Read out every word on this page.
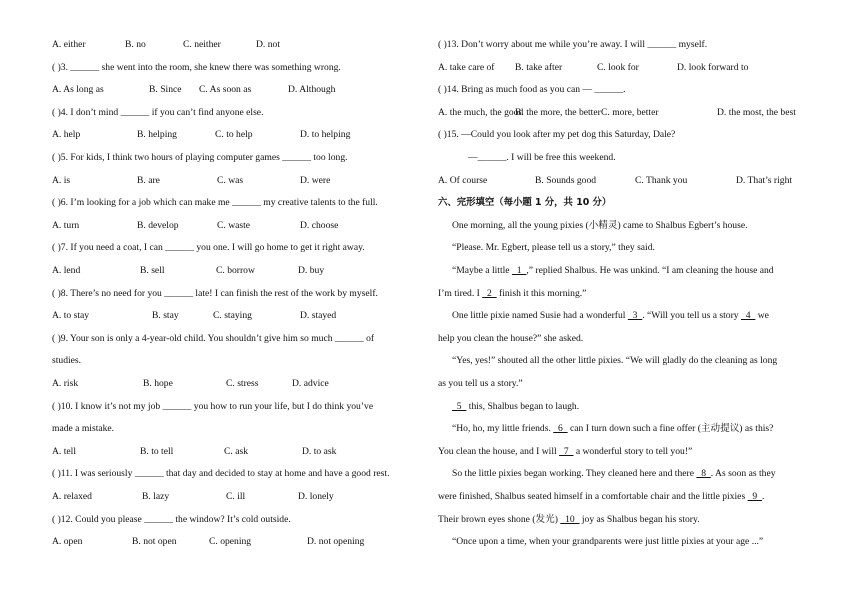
A. either	B. no	C. neither	D. not
( )3. ______ she went into the room, she knew there was something wrong.
A. As long as	B. Since C. As soon as	D. Although
( )4. I don’t mind ______ if you can’t find anyone else.
A. help	B. helping	C. to help	D. to helping
( )5. For kids, I think two hours of playing computer games ______ too long.
A. is	B. are	C. was	D. were
( )6. I’m looking for a job which can make me ______ my creative talents to the full.
A. turn	B. develop	C. waste	D. choose
( )7. If you need a coat, I can ______ you one. I will go home to get it right away.
A. lend	B. sell	C. borrow	D. buy
( )8. There’s no need for you ______ late! I can finish the rest of the work by myself.
A. to stay	B. stay	C. staying	D. stayed
( )9. Your son is only a 4-year-old child. You shouldn’t give him so much ______ of
studies.
A. risk	B. hope	C. stress	D. advice
( )10. I know it’s not my job ______ you how to run your life, but I do think you’ve
made a mistake.
A. tell	B. to tell	C. ask	D. to ask
( )11. I was seriously ______ that day and decided to stay at home and have a good rest.
A. relaxed	B. lazy	C. ill	D. lonely
( )12. Could you please ______ the window? It’s cold outside.
A. open	B. not open	C. opening	D. not opening
( )13. Don’t worry about me while you’re away. I will ______ myself.
A. take care of B. take after	C. look for	D. look forward to
( )14. Bring as much food as you can — ______.
A. the much, the good
B. the more, the better C. more, better	D. the most, the best
( )15. —Could you look after my pet dog this Saturday, Dale?
—______. I will be free this weekend.
A. Of course	B. Sounds good	C. Thank you	D. That’s right
六、完形填空（每小题 1 分，共 10 分）
One morning, all the young pixies (小精灵) came to Shalbus Egbert’s house.
“Please. Mr. Egbert, please tell us a story,” they said.
“Maybe a little   1  ,” replied Shalbus. He was unkind. “I am cleaning the house and
I’m tired. I   2   finish it this morning.”
One little pixie named Susie had a wonderful   3  . “Will you tell us a story   4   we
help you clean the house?” she asked.
“Yes, yes!” shouted all the other little pixies. “We will gladly do the cleaning as long
as you tell us a story.”
5   this, Shalbus began to laugh.
“Ho, ho, my little friends.   6   can I turn down such a fine offer (主动提议) as this?
You clean the house, and I will   7   a wonderful story to tell you!”
So the little pixies began working. They cleaned here and there   8  . As soon as they
were finished, Shalbus seated himself in a comfortable chair and the little pixies   9  .
Their brown eyes shone (发光)   10   joy as Shalbus began his story.
“Once upon a time, when your grandparents were just little pixies at your age ...”
